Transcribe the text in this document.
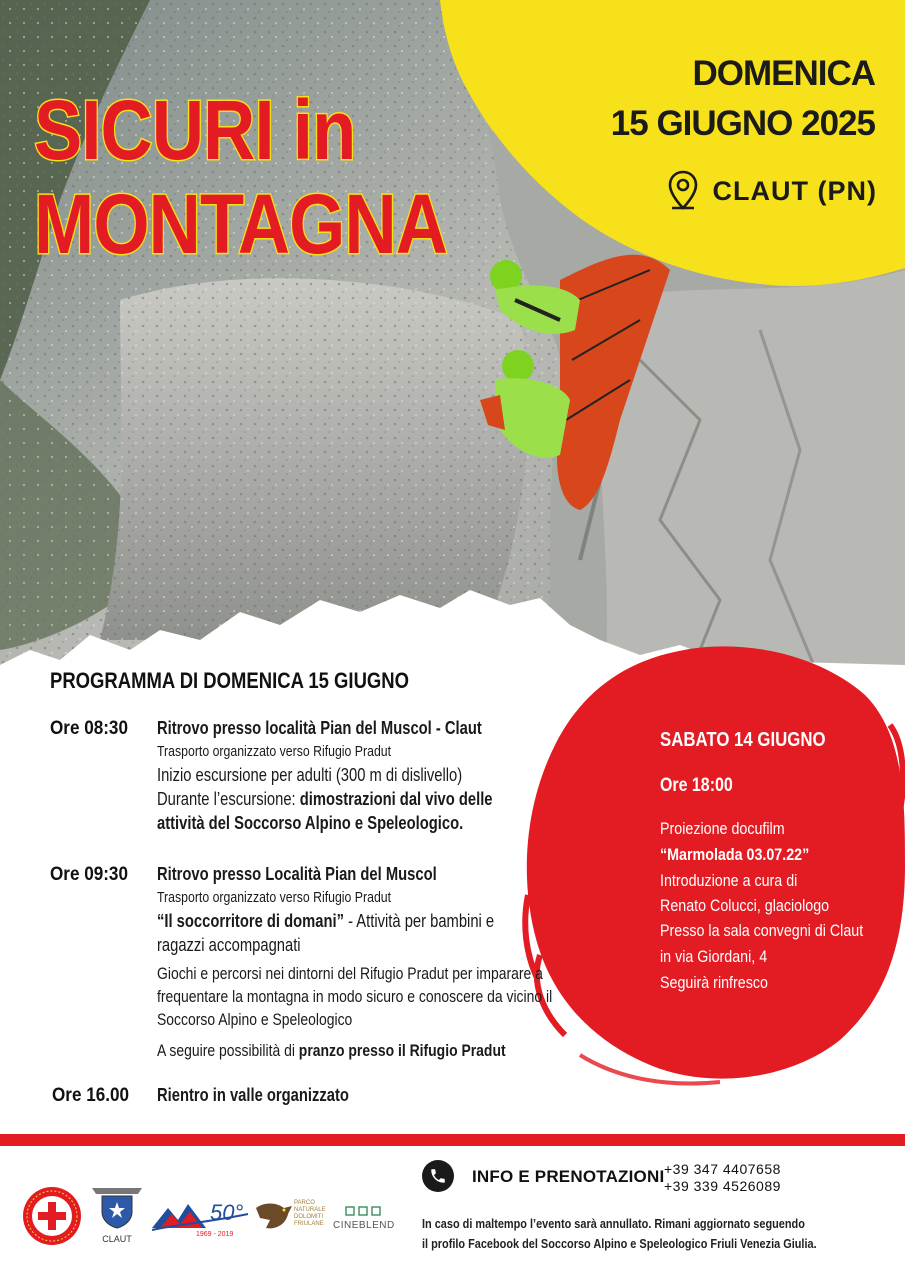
SICURI in
MONTAGNA
DOMENICA
15 GIUGNO 2025
CLAUT (PN)
PROGRAMMA DI DOMENICA 15 GIUGNO
Ore 08:30 Ritrovo presso località Pian del Muscol - Claut
Trasporto organizzato verso Rifugio Pradut
Inizio escursione per adulti (300 m di dislivello)
Durante l’escursione: dimostrazioni dal vivo delle
attività del Soccorso Alpino e Speleologico.
Ore 09:30 Ritrovo presso Località Pian del Muscol
Trasporto organizzato verso Rifugio Pradut
“Il soccorritore di domani” - Attività per bambini e
ragazzi accompagnati
Giochi e percorsi nei dintorni del Rifugio Pradut per imparare a
frequentare la montagna in modo sicuro e conoscere da vicino il
Soccorso Alpino e Speleologico
A seguire possibilità di pranzo presso il Rifugio Pradut
Ore 16.00 Rientro in valle organizzato
SABATO 14 GIUGNO
Ore 18:00
Proiezione docufilm
“Marmolada 03.07.22”
Introduzione a cura di
Renato Colucci, glaciologo
Presso la sala convegni di Claut
in via Giordani, 4
Seguirà rinfresco
INFO E PRENOTAZIONI +39 347 4407658
+39 339 4526089
In caso di maltempo l’evento sarà annullato. Rimani aggiornato seguendo
il profilo Facebook del Soccorso Alpino e Speleologico Friuli Venezia Giulia.
CLAUT
50°
1969 - 2019
PARCO
NATURALE
DOLOMITI
FRIULANE CINEBLEND
